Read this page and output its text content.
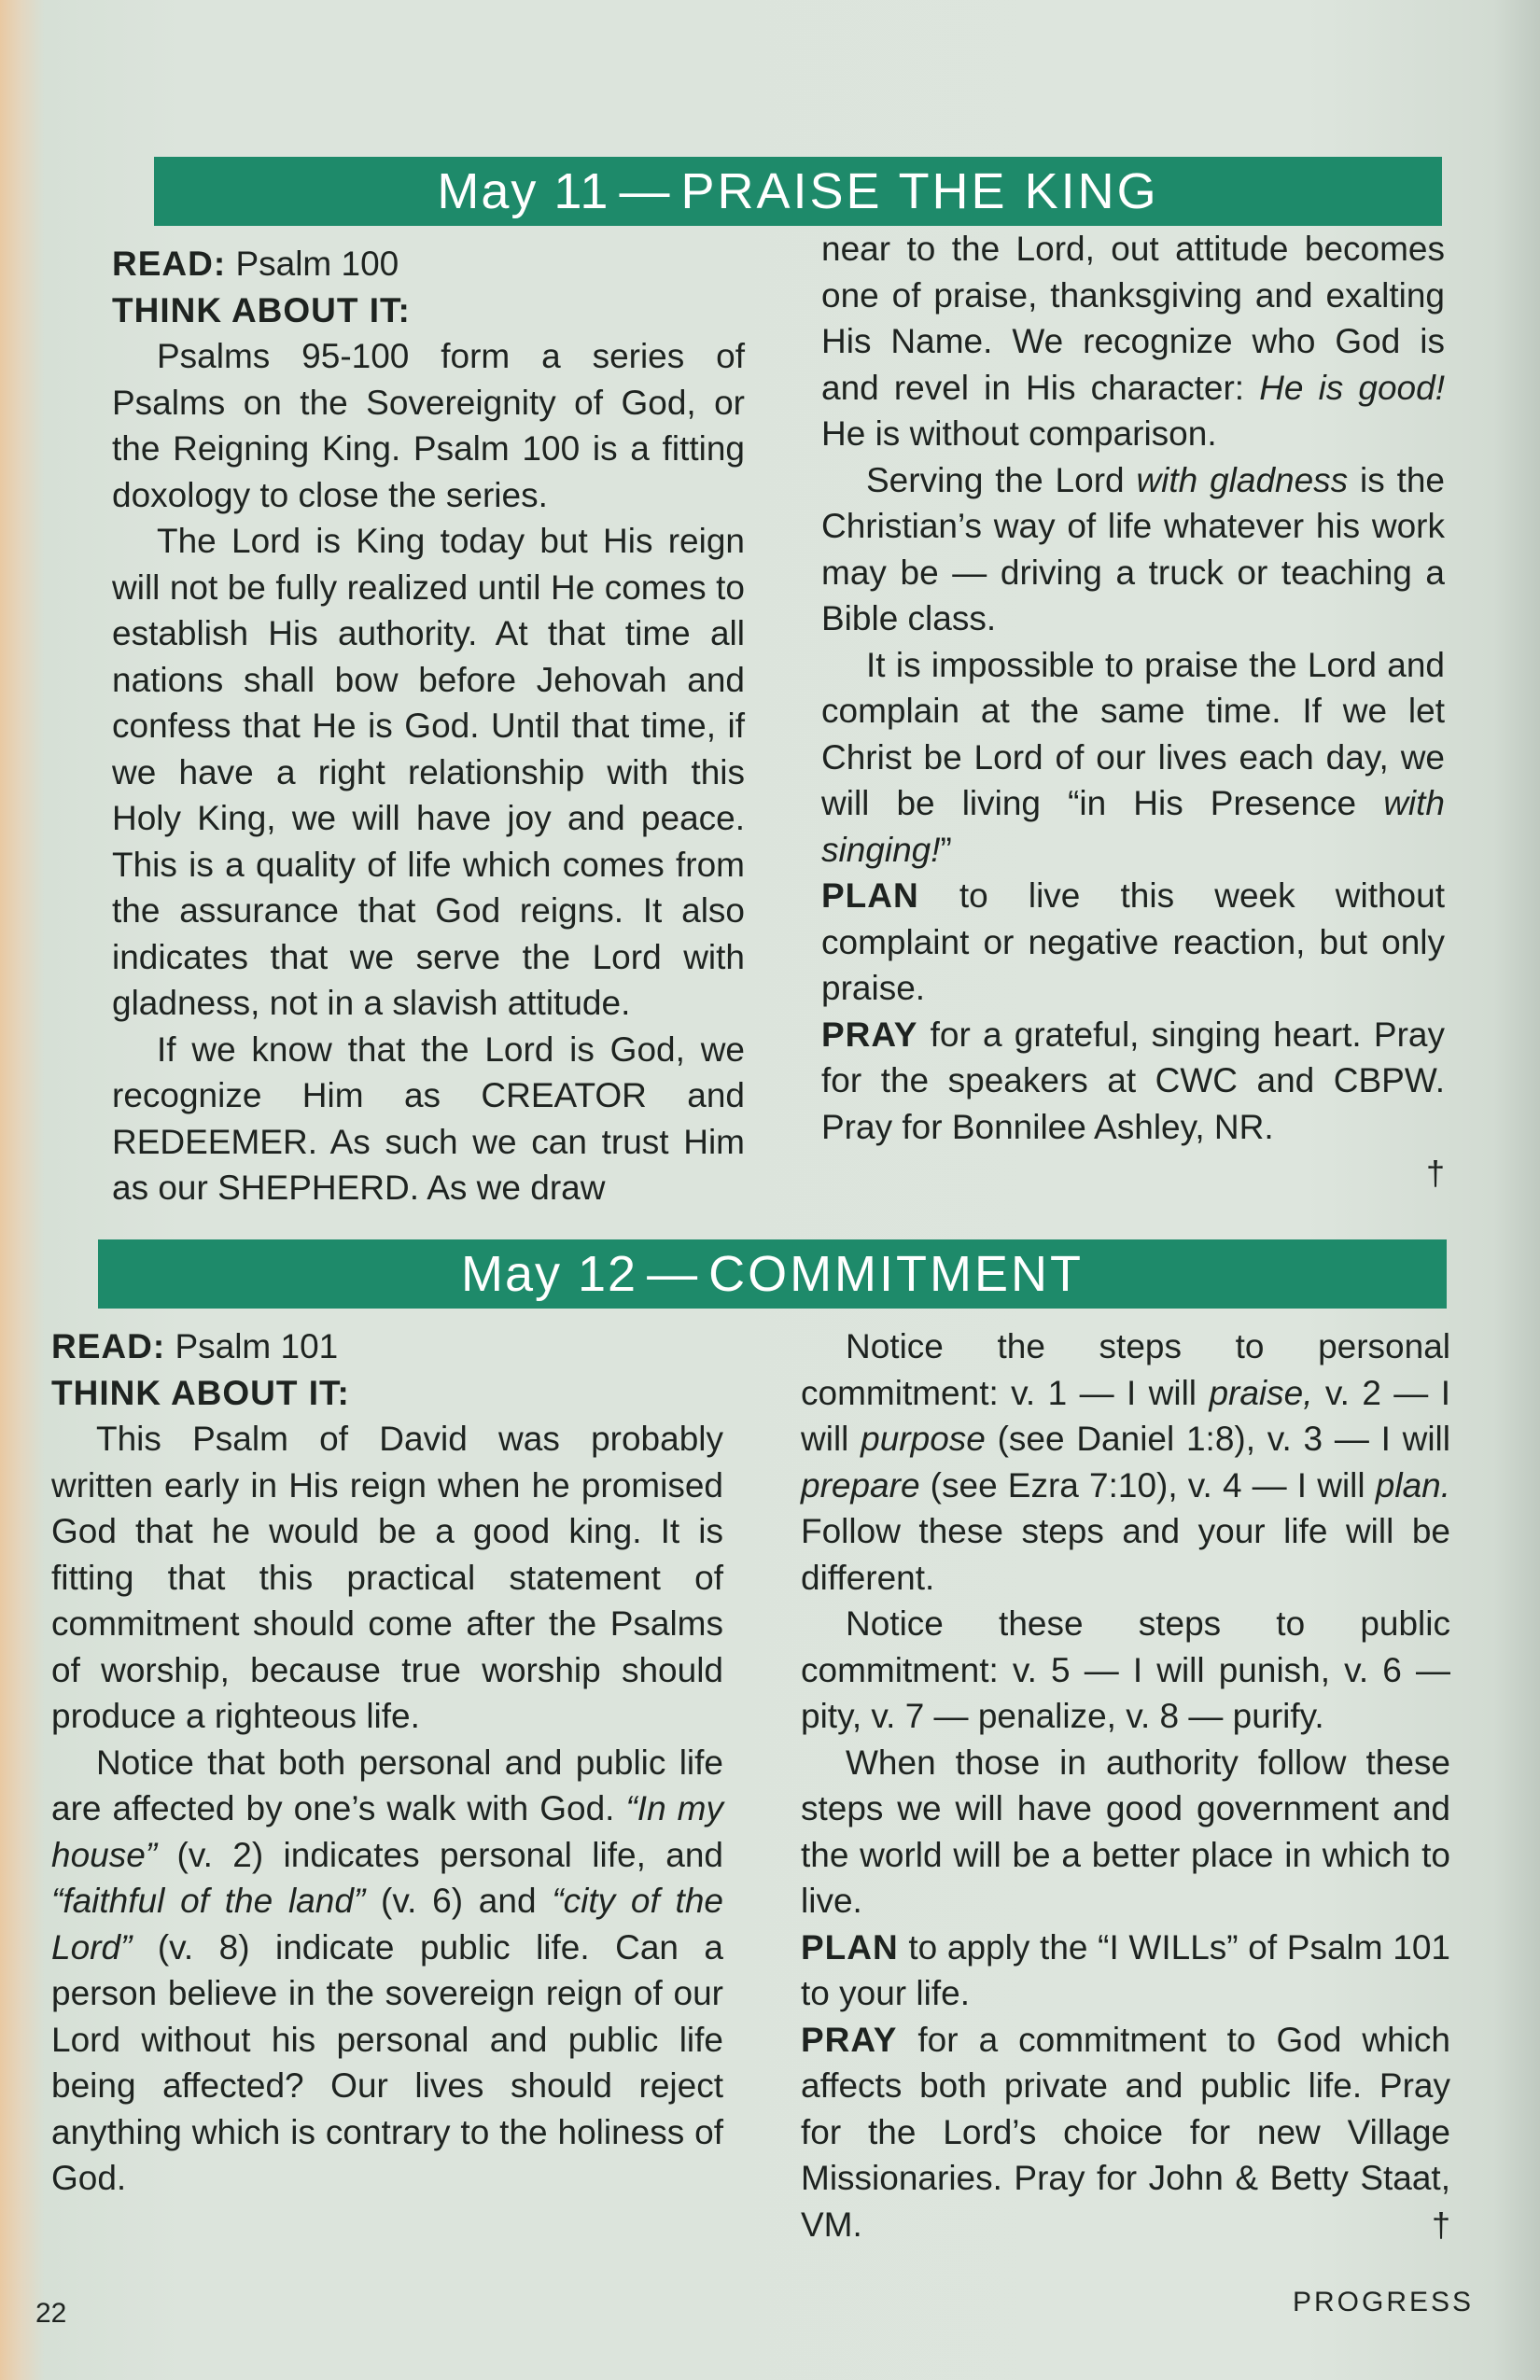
May 11 — PRAISE THE KING

READ: Psalm 100

THINK ABOUT IT:

Psalms 95-100 form a series of Psalms on the Sovereignity of God, or the Reigning King. Psalm 100 is a fitting doxology to close the series.

The Lord is King today but His reign will not be fully realized until He comes to establish His authority. At that time all nations shall bow before Jehovah and confess that He is God. Until that time, if we have a right relationship with this Holy King, we will have joy and peace. This is a quality of life which comes from the assurance that God reigns. It also indicates that we serve the Lord with gladness, not in a slavish attitude.

If we know that the Lord is God, we recognize Him as CREATOR and REDEEMER. As such we can trust Him as our SHEPHERD. As we draw

near to the Lord, out attitude becomes one of praise, thanksgiving and exalting His Name. We recognize who God is and revel in His character: He is good! He is without comparison.

Serving the Lord with gladness is the Christian’s way of life whatever his work may be — driving a truck or teaching a Bible class.

It is impossible to praise the Lord and complain at the same time. If we let Christ be Lord of our lives each day, we will be living “in His Presence with singing!”

PLAN to live this week without complaint or negative reaction, but only praise.

PRAY for a grateful, singing heart. Pray for the speakers at CWC and CBPW. Pray for Bonnilee Ashley, NR.

†

May 12 — COMMITMENT

READ: Psalm 101

THINK ABOUT IT:

This Psalm of David was probably written early in His reign when he promised God that he would be a good king. It is fitting that this practical statement of commitment should come after the Psalms of worship, because true worship should produce a righteous life.

Notice that both personal and public life are affected by one’s walk with God. “In my house” (v. 2) indicates personal life, and “faithful of the land” (v. 6) and “city of the Lord” (v. 8) indicate public life. Can a person believe in the sovereign reign of our Lord without his personal and public life being affected? Our lives should reject anything which is contrary to the holiness of God.

Notice the steps to personal commitment: v. 1 — I will praise, v. 2 — I will purpose (see Daniel 1:8), v. 3 — I will prepare (see Ezra 7:10), v. 4 — I will plan. Follow these steps and your life will be different.

Notice these steps to public commitment: v. 5 — I will punish, v. 6 — pity, v. 7 — penalize, v. 8 — purify.

When those in authority follow these steps we will have good government and the world will be a better place in which to live.

PLAN to apply the “I WILLs” of Psalm 101 to your life.

PRAY for a commitment to God which affects both private and public life. Pray for the Lord’s choice for new Village Missionaries. Pray for John & Betty Staat, VM.	†

22	PROGRESS
